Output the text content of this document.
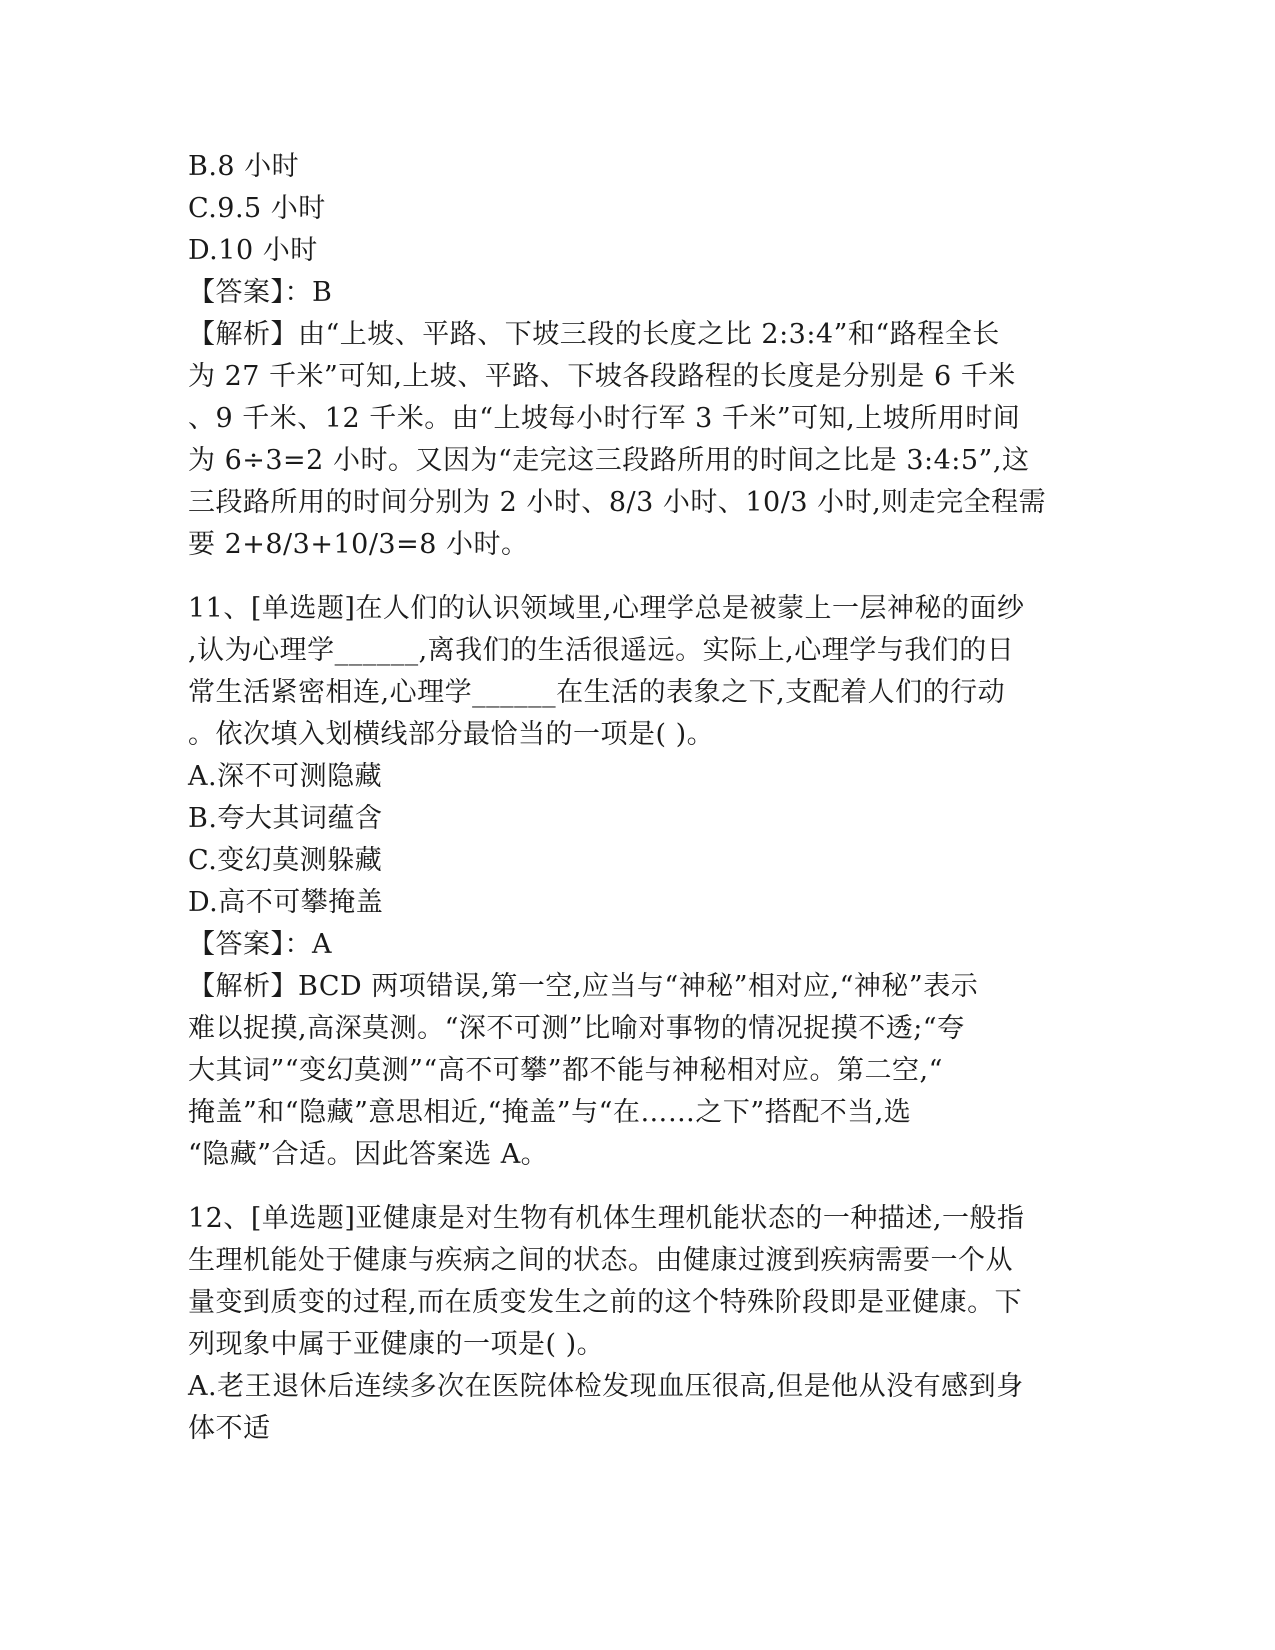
B.8 小时
C.9.5 小时
D.10 小时
【答案】：B
【解析】由“上坡、平路、下坡三段的长度之比 2:3:4”和“路程全长
为 27 千米”可知,上坡、平路、下坡各段路程的长度是分别是 6 千米
、9 千米、12 千米。由“上坡每小时行军 3 千米”可知,上坡所用时间
为 6÷3=2 小时。又因为“走完这三段路所用的时间之比是 3:4:5”,这
三段路所用的时间分别为 2 小时、8/3 小时、10/3 小时,则走完全程需
要 2+8/3+10/3=8 小时。
11、[单选题]在人们的认识领域里,心理学总是被蒙上一层神秘的面纱
,认为心理学______,离我们的生活很遥远。实际上,心理学与我们的日
常生活紧密相连,心理学______在生活的表象之下,支配着人们的行动
。依次填入划横线部分最恰当的一项是( )。
A.深不可测隐藏
B.夸大其词蕴含
C.变幻莫测躲藏
D.高不可攀掩盖
【答案】：A
【解析】BCD 两项错误,第一空,应当与“神秘”相对应,“神秘”表示
难以捉摸,高深莫测。“深不可测”比喻对事物的情况捉摸不透;“夸
大其词”“变幻莫测”“高不可攀”都不能与神秘相对应。第二空,“
掩盖”和“隐藏”意思相近,“掩盖”与“在……之下”搭配不当,选
“隐藏”合适。因此答案选 A。
12、[单选题]亚健康是对生物有机体生理机能状态的一种描述,一般指
生理机能处于健康与疾病之间的状态。由健康过渡到疾病需要一个从
量变到质变的过程,而在质变发生之前的这个特殊阶段即是亚健康。下
列现象中属于亚健康的一项是( )。
A.老王退休后连续多次在医院体检发现血压很高,但是他从没有感到身
体不适
